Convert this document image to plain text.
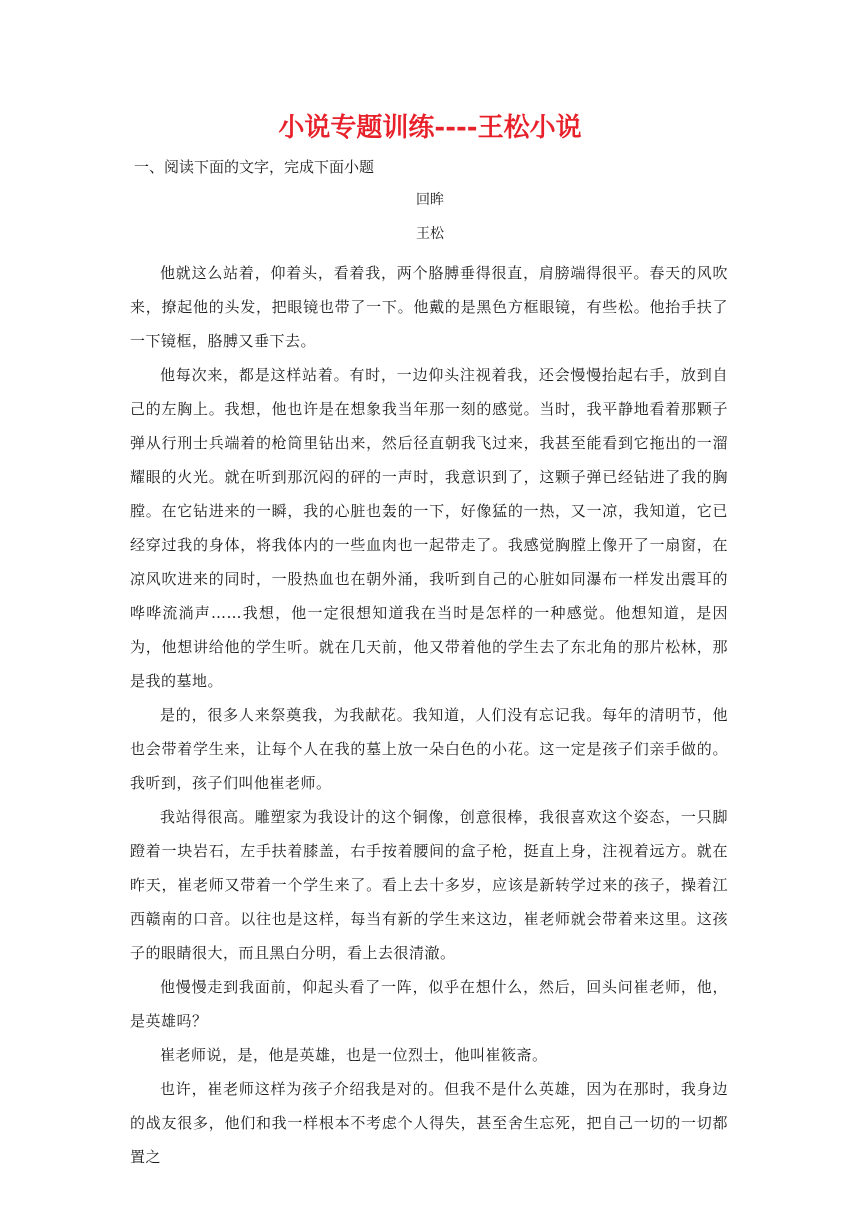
小说专题训练----王松小说
一、阅读下面的文字，完成下面小题
回眸
王松

他就这么站着，仰着头，看着我，两个胳膊垂得很直，肩膀端得很平。春天的风吹来，撩起他的头发，把眼镜也带了一下。他戴的是黑色方框眼镜，有些松。他抬手扶了一下镜框，胳膊又垂下去。

他每次来，都是这样站着。有时，一边仰头注视着我，还会慢慢抬起右手，放到自己的左胸上。我想，他也许是在想象我当年那一刻的感觉。当时，我平静地看着那颗子弹从行刑士兵端着的枪筒里钻出来，然后径直朝我飞过来，我甚至能看到它拖出的一溜耀眼的火光。就在听到那沉闷的砰的一声时，我意识到了，这颗子弹已经钻进了我的胸膛。在它钻进来的一瞬，我的心脏也轰的一下，好像猛的一热，又一凉，我知道，它已经穿过我的身体，将我体内的一些血肉也一起带走了。我感觉胸膛上像开了一扇窗，在凉风吹进来的同时，一股热血也在朝外涌，我听到自己的心脏如同瀑布一样发出震耳的哗哗流淌声……我想，他一定很想知道我在当时是怎样的一种感觉。他想知道，是因为，他想讲给他的学生听。就在几天前，他又带着他的学生去了东北角的那片松林，那是我的墓地。

是的，很多人来祭奠我，为我献花。我知道，人们没有忘记我。每年的清明节，他也会带着学生来，让每个人在我的墓上放一朵白色的小花。这一定是孩子们亲手做的。我听到，孩子们叫他崔老师。

我站得很高。雕塑家为我设计的这个铜像，创意很棒，我很喜欢这个姿态，一只脚蹬着一块岩石，左手扶着膝盖，右手按着腰间的盒子枪，挺直上身，注视着远方。就在昨天，崔老师又带着一个学生来了。看上去十多岁，应该是新转学过来的孩子，操着江西赣南的口音。以往也是这样，每当有新的学生来这边，崔老师就会带着来这里。这孩子的眼睛很大，而且黑白分明，看上去很清澈。

他慢慢走到我面前，仰起头看了一阵，似乎在想什么，然后，回头问崔老师，他，是英雄吗？

崔老师说，是，他是英雄，也是一位烈士，他叫崔筱斋。

也许，崔老师这样为孩子介绍我是对的。但我不是什么英雄，因为在那时，我身边的战友很多，他们和我一样根本不考虑个人得失，甚至舍生忘死，把自己一切的一切都置之
